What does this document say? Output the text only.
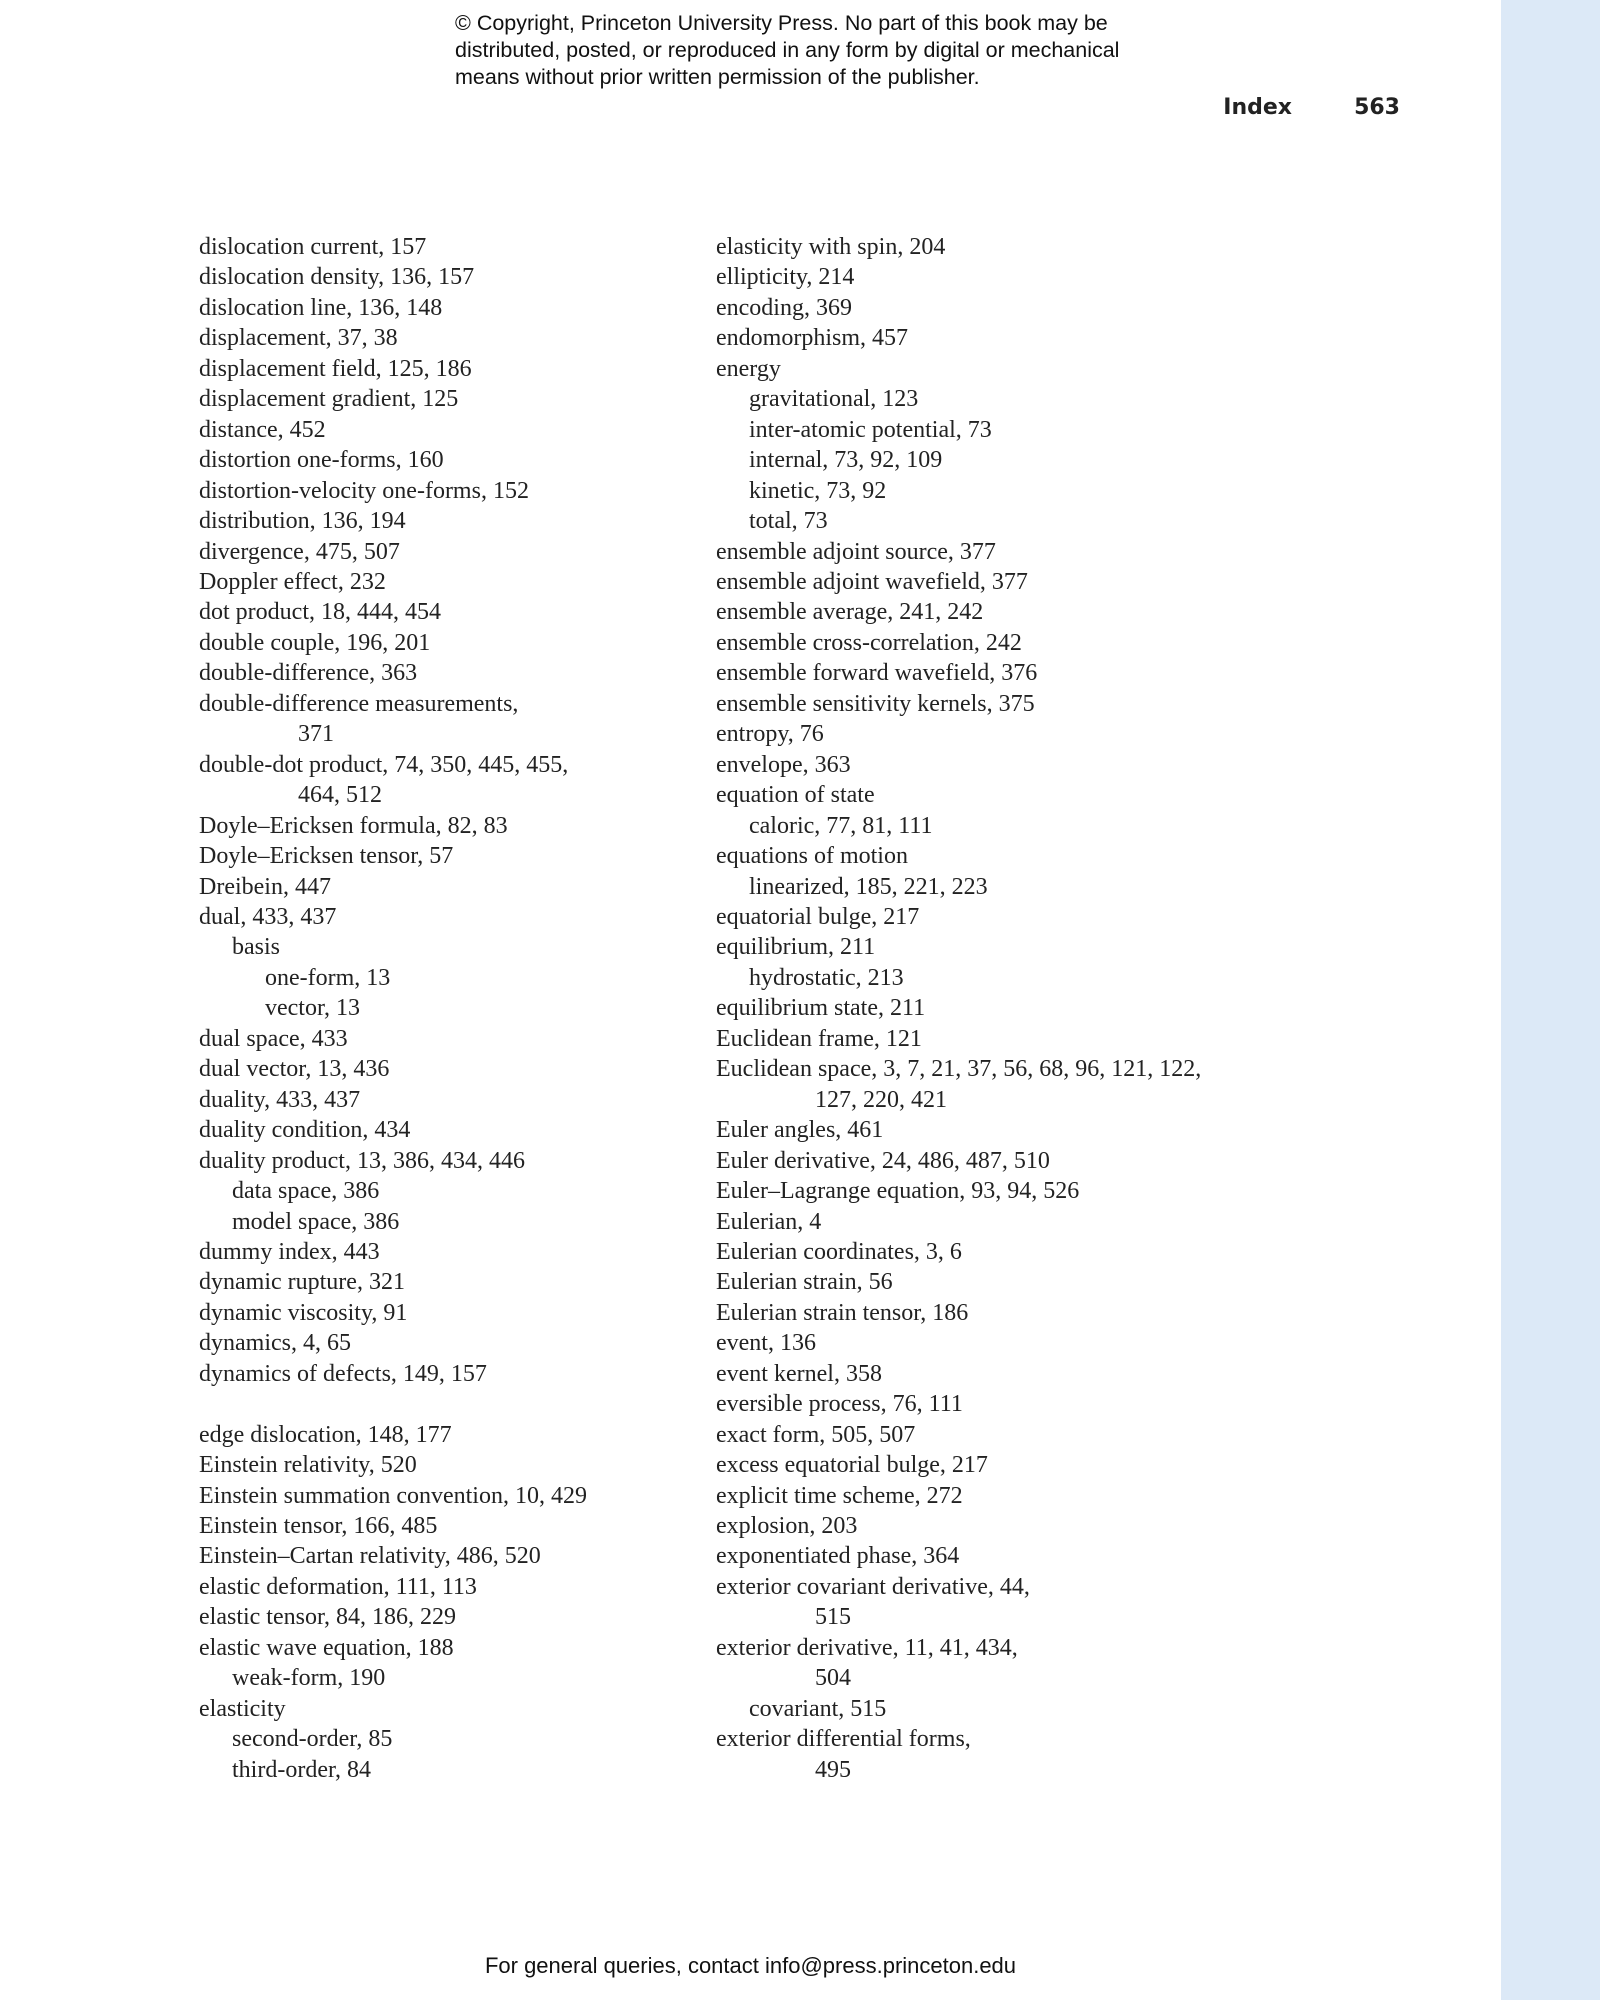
© Copyright, Princeton University Press. No part of this book may be
distributed, posted, or reproduced in any form by digital or mechanical
means without prior written permission of the publisher.
Index	563
dislocation current, 157
dislocation density, 136, 157
dislocation line, 136, 148
displacement, 37, 38
displacement field, 125, 186
displacement gradient, 125
distance, 452
distortion one-forms, 160
distortion-velocity one-forms, 152
distribution, 136, 194
divergence, 475, 507
Doppler effect, 232
dot product, 18, 444, 454
double couple, 196, 201
double-difference, 363
double-difference measurements,
371
double-dot product, 74, 350, 445, 455,
464, 512
Doyle–Ericksen formula, 82, 83
Doyle–Ericksen tensor, 57
Dreibein, 447
dual, 433, 437
basis
one-form, 13
vector, 13
dual space, 433
dual vector, 13, 436
duality, 433, 437
duality condition, 434
duality product, 13, 386, 434, 446
data space, 386
model space, 386
dummy index, 443
dynamic rupture, 321
dynamic viscosity, 91
dynamics, 4, 65
dynamics of defects, 149, 157
edge dislocation, 148, 177
Einstein relativity, 520
Einstein summation convention, 10, 429
Einstein tensor, 166, 485
Einstein–Cartan relativity, 486, 520
elastic deformation, 111, 113
elastic tensor, 84, 186, 229
elastic wave equation, 188
weak-form, 190
elasticity
second-order, 85
third-order, 84
elasticity with spin, 204
ellipticity, 214
encoding, 369
endomorphism, 457
energy
gravitational, 123
inter-atomic potential, 73
internal, 73, 92, 109
kinetic, 73, 92
total, 73
ensemble adjoint source, 377
ensemble adjoint wavefield, 377
ensemble average, 241, 242
ensemble cross-correlation, 242
ensemble forward wavefield, 376
ensemble sensitivity kernels, 375
entropy, 76
envelope, 363
equation of state
caloric, 77, 81, 111
equations of motion
linearized, 185, 221, 223
equatorial bulge, 217
equilibrium, 211
hydrostatic, 213
equilibrium state, 211
Euclidean frame, 121
Euclidean space, 3, 7, 21, 37, 56, 68, 96, 121, 122,
127, 220, 421
Euler angles, 461
Euler derivative, 24, 486, 487, 510
Euler–Lagrange equation, 93, 94, 526
Eulerian, 4
Eulerian coordinates, 3, 6
Eulerian strain, 56
Eulerian strain tensor, 186
event, 136
event kernel, 358
eversible process, 76, 111
exact form, 505, 507
excess equatorial bulge, 217
explicit time scheme, 272
explosion, 203
exponentiated phase, 364
exterior covariant derivative, 44,
515
exterior derivative, 11, 41, 434,
504
covariant, 515
exterior differential forms,
495
For general queries, contact info@press.princeton.edu
